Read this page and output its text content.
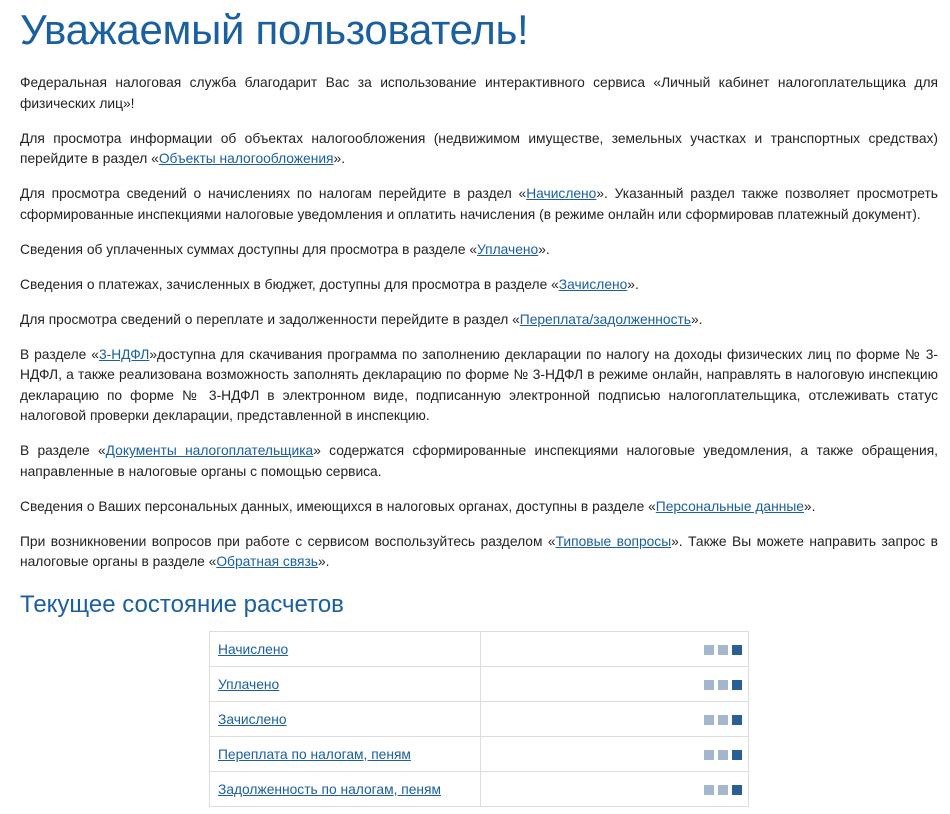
Уважаемый пользователь!

Федеральная налоговая служба благодарит Вас за использование интерактивного сервиса «Личный кабинет налогоплательщика для физических лиц»!

Для просмотра информации об объектах налогообложения (недвижимом имуществе, земельных участках и транспортных средствах) перейдите в раздел «Объекты налогообложения».

Для просмотра сведений о начислениях по налогам перейдите в раздел «Начислено». Указанный раздел также позволяет просмотреть сформированные инспекциями налоговые уведомления и оплатить начисления (в режиме онлайн или сформировав платежный документ).

Сведения об уплаченных суммах доступны для просмотра в разделе «Уплачено».

Сведения о платежах, зачисленных в бюджет, доступны для просмотра в разделе «Зачислено».

Для просмотра сведений о переплате и задолженности перейдите в раздел «Переплата/задолженность».

В разделе «3-НДФЛ»доступна для скачивания программа по заполнению декларации по налогу на доходы физических лиц по форме № 3-НДФЛ, а также реализована возможность заполнять декларацию по форме № 3-НДФЛ в режиме онлайн, направлять в налоговую инспекцию декларацию по форме № 3-НДФЛ в электронном виде, подписанную электронной подписью налогоплательщика, отслеживать статус налоговой проверки декларации, представленной в инспекцию.

В разделе «Документы налогоплательщика» содержатся сформированные инспекциями налоговые уведомления, а также обращения, направленные в налоговые органы с помощью сервиса.

Сведения о Ваших персональных данных, имеющихся в налоговых органах, доступны в разделе «Персональные данные».

При возникновении вопросов при работе с сервисом воспользуйтесь разделом «Типовые вопросы». Также Вы можете направить запрос в налоговые органы в разделе «Обратная связь».

Текущее состояние расчетов
Начислено	

Уплачено	

Зачислено	

Переплата по налогам, пеням	

Задолженность по налогам, пеням	
